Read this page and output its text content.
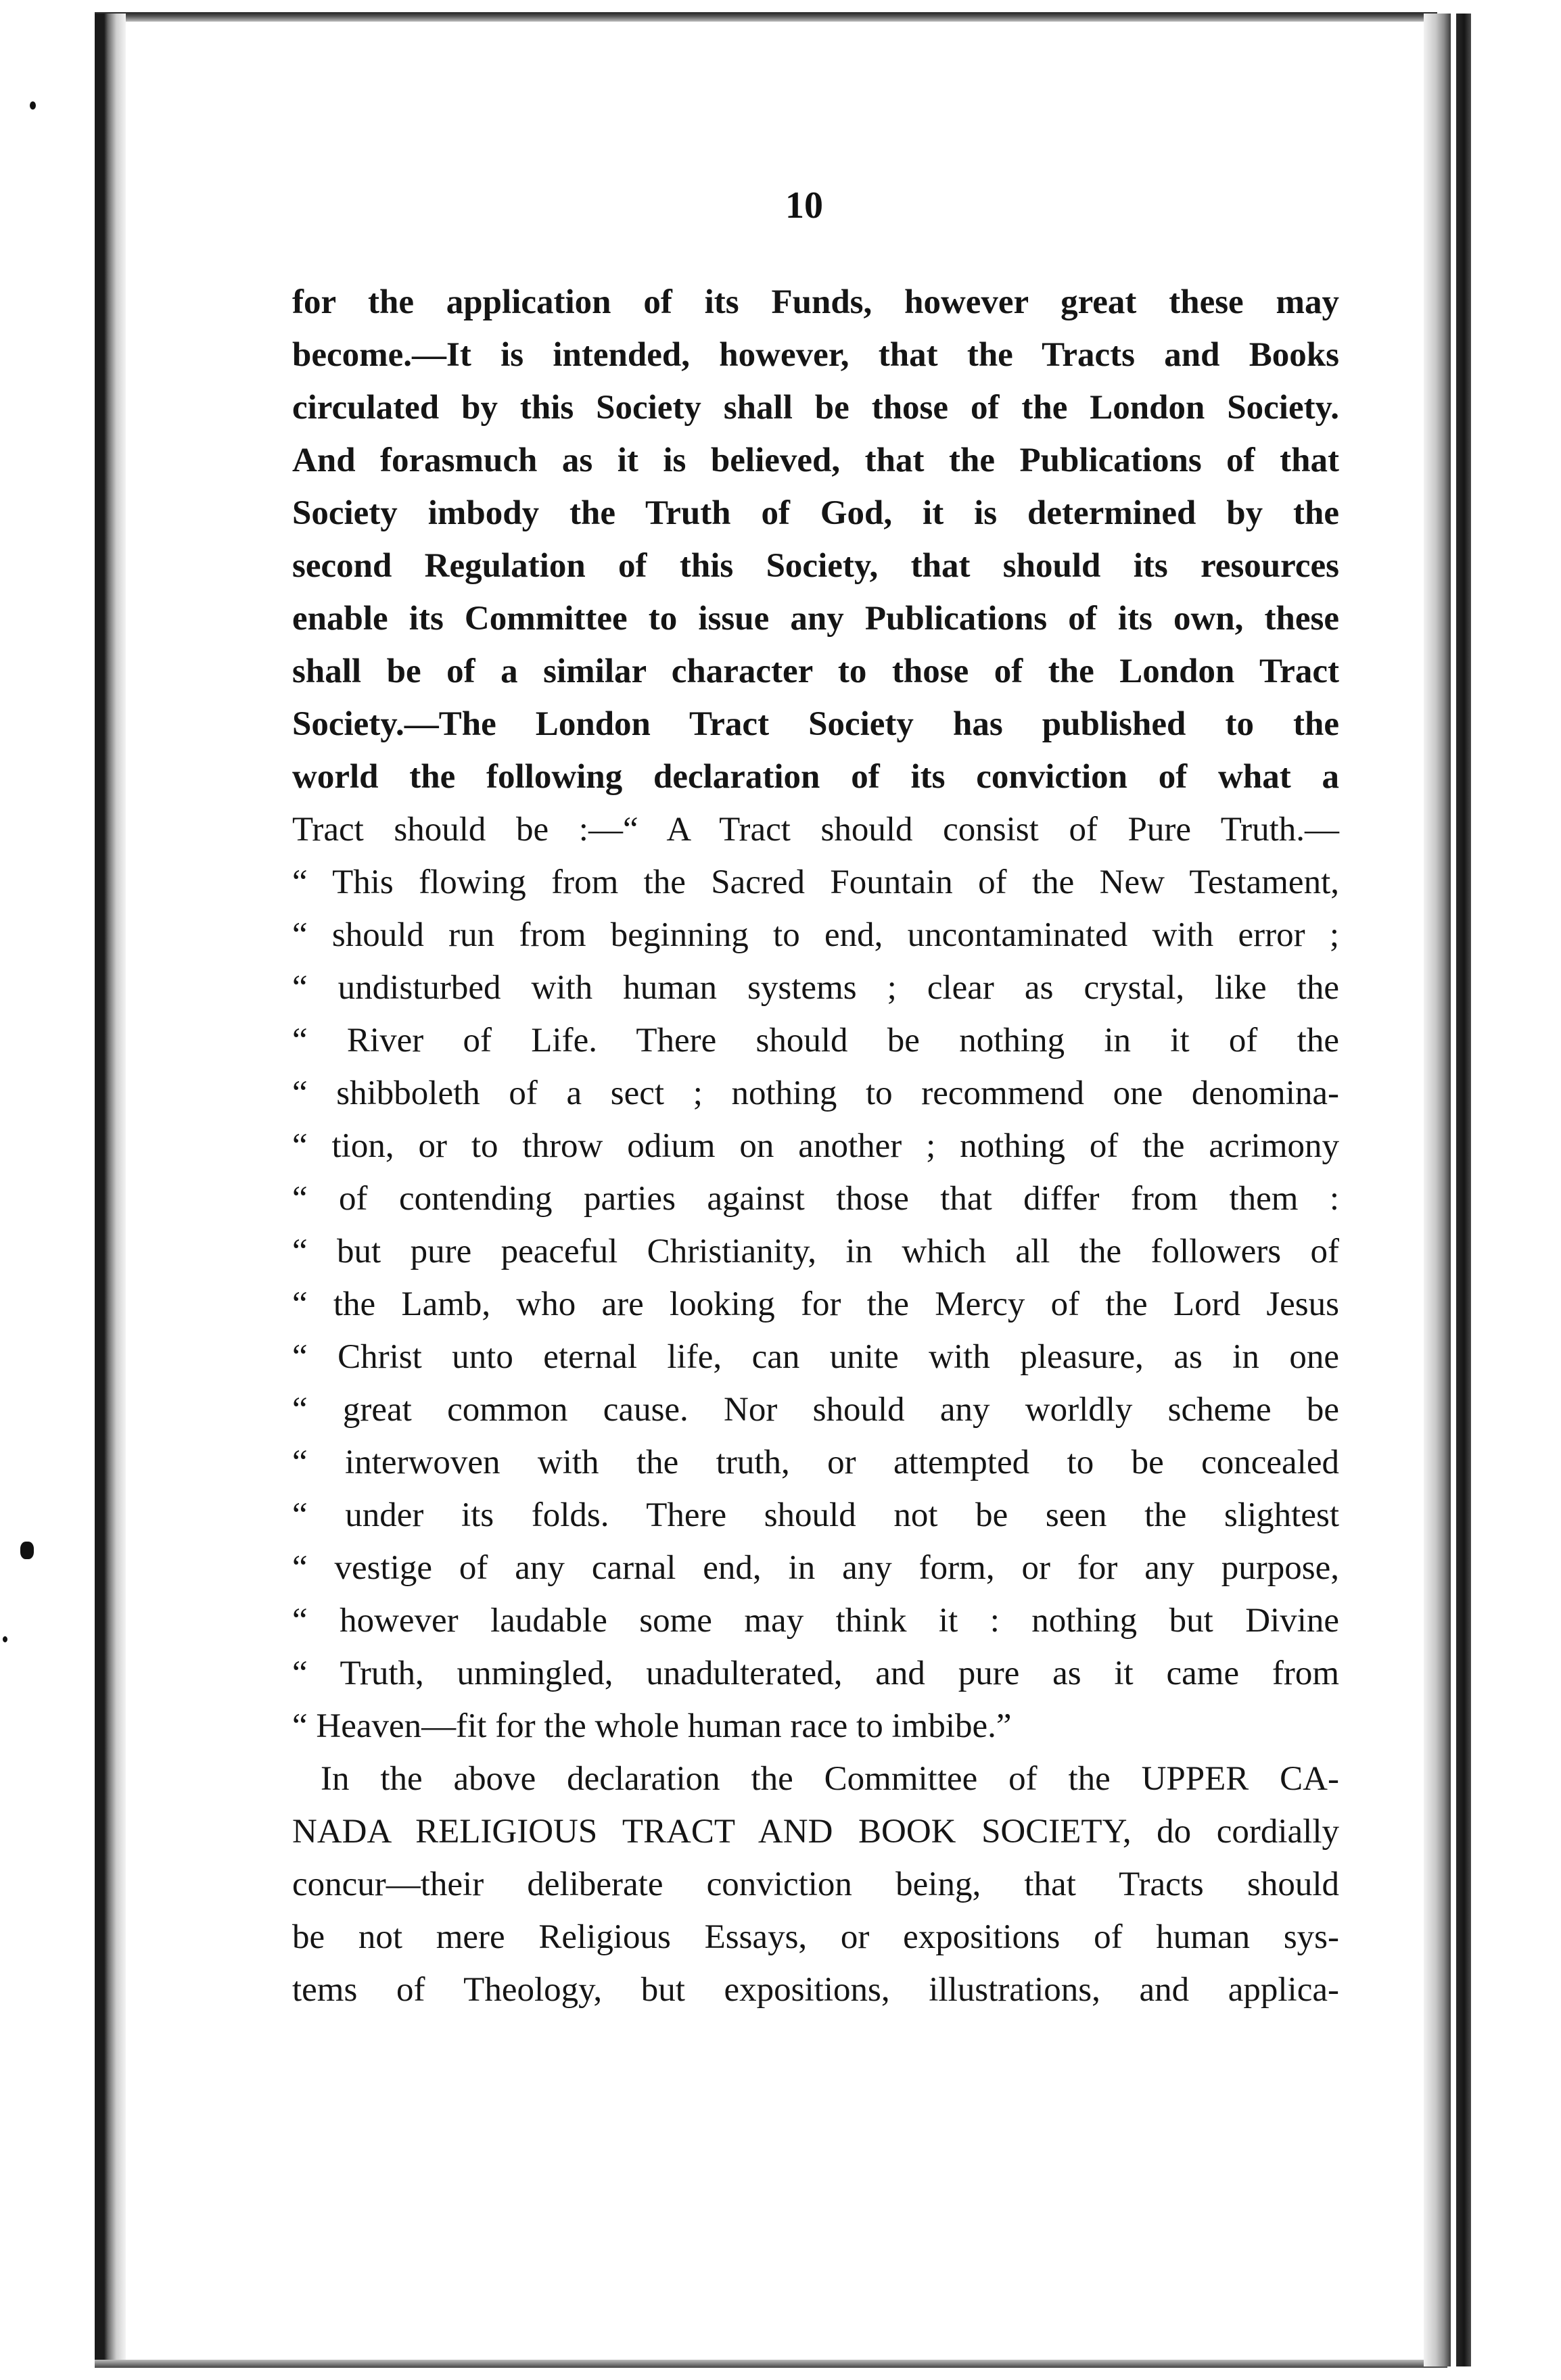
10
for the application of its Funds, however great these may
become.—It is intended, however, that the Tracts and Books
circulated by this Society shall be those of the London Society.
And forasmuch as it is believed, that the Publications of that
Society imbody the Truth of God, it is determined by the
second Regulation of this Society, that should its resources
enable its Committee to issue any Publications of its own, these
shall be of a similar character to those of the London Tract
Society.—The London Tract Society has published to the
world the following declaration of its conviction of what a
Tract should be :—“ A Tract should consist of Pure Truth.—
“ This flowing from the Sacred Fountain of the New Testament,
“ should run from beginning to end, uncontaminated with error ;
“ undisturbed with human systems ; clear as crystal, like the
“ River of Life. There should be nothing in it of the
“ shibboleth of a sect ; nothing to recommend one denomina-
“ tion, or to throw odium on another ; nothing of the acrimony
“ of contending parties against those that differ from them :
“ but pure peaceful Christianity, in which all the followers of
“ the Lamb, who are looking for the Mercy of the Lord Jesus
“ Christ unto eternal life, can unite with pleasure, as in one
“ great common cause. Nor should any worldly scheme be
“ interwoven with the truth, or attempted to be concealed
“ under its folds. There should not be seen the slightest
“ vestige of any carnal end, in any form, or for any purpose,
“ however laudable some may think it : nothing but Divine
“ Truth, unmingled, unadulterated, and pure as it came from
“ Heaven—fit for the whole human race to imbibe.”
In the above declaration the Committee of the UPPER CA-
NADA RELIGIOUS TRACT AND BOOK SOCIETY, do cordially
concur—their deliberate conviction being, that Tracts should
be not mere Religious Essays, or expositions of human sys-
tems of Theology, but expositions, illustrations, and applica-
